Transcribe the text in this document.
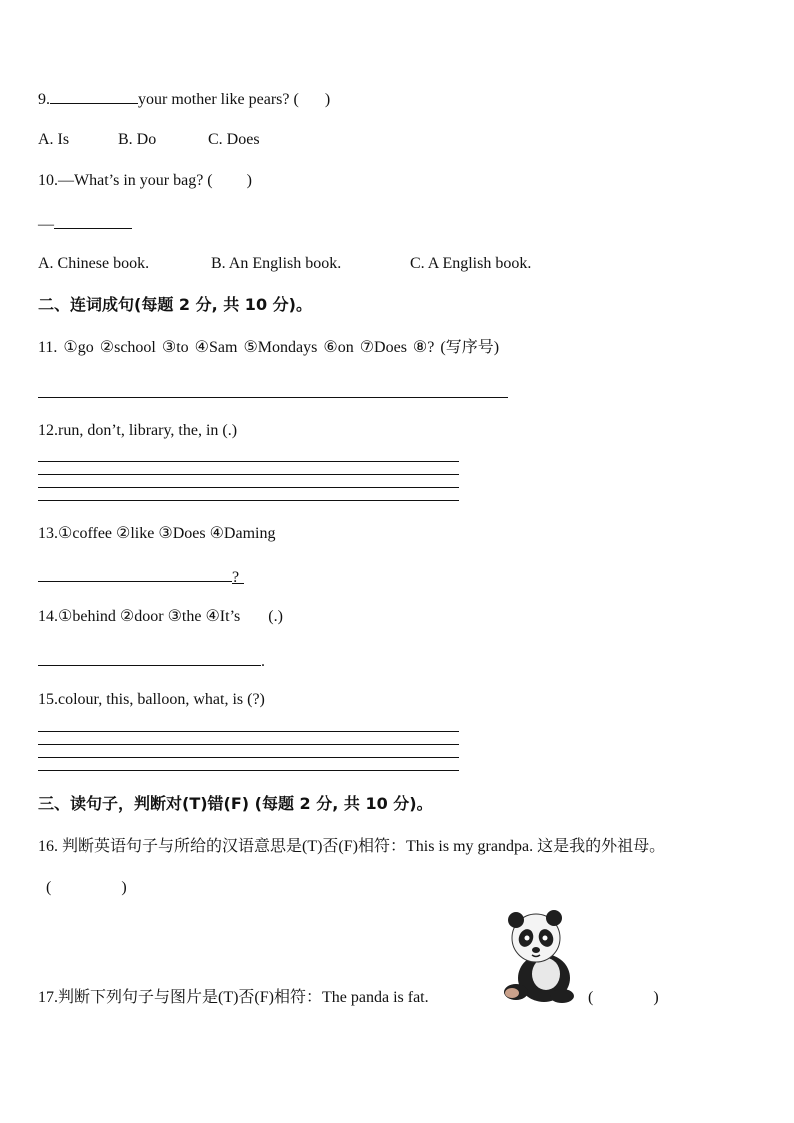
9.	your mother like pears? ( )
A. Is	B. Do	C. Does
10.—What’s in your bag? ( )
—
A. Chinese book.	B. An English book.	C. A English book.
二、连词成句(每题 2 分, 共 10 分)。
11. ①go ②school ③to ④Sam ⑤Mondays ⑥on ⑦Does ⑧? (写序号)
12.run, don’t, library, the, in (.)
13.①coffee ②like ③Does ④Daming
?
14.①behind ②door ③the ④It’s (.)
.
15.colour, this, balloon, what, is (?)
三、读句子，判断对(T)错(F) (每题 2 分, 共 10 分)。
16. 判断英语句子与所给的汉语意思是(T)否(F)相符：This is my grandpa. 这是我的外祖母。
(	)
17.判断下列句子与图片是(T)否(F)相符：The panda is fat.	(	)
